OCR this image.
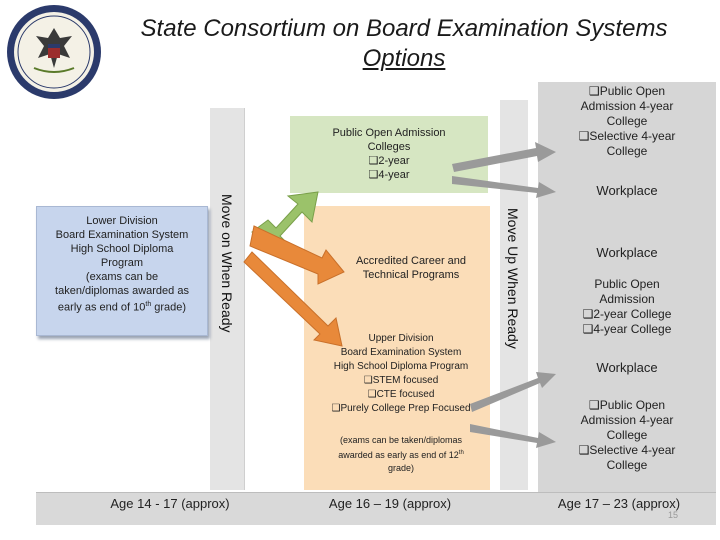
State Consortium on Board Examination Systems
Options
Move on When Ready	Move Up When Ready
Public Open Admission
Colleges
❑2-year
❑4-year
Lower Division
Board Examination System
High School Diploma
Program
(exams can be
taken/diplomas awarded as
early as end of 10th grade)
Accredited Career and
Technical Programs
Upper Division
Board Examination System
High School Diploma Program
❑STEM focused
❑CTE focused
❑Purely College Prep Focused
(exams can be taken/diplomas
awarded as early as end of 12th
grade)
❑Public Open
Admission 4-year
College
❑Selective 4-year
College
Workplace
Workplace
Public Open
Admission
❑2-year College
❑4-year College
Workplace
❑Public Open
Admission 4-year
College
❑Selective 4-year
College
Age 14 - 17 (approx)	Age 16 – 19 (approx)	Age 17 – 23 (approx)
15
